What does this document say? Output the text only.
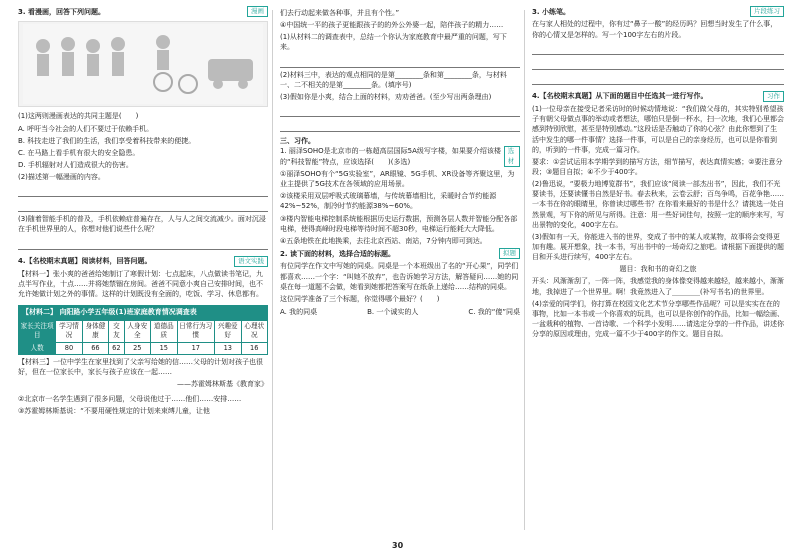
3. 看漫画，回答下列问题。	漫画

(1)这两则漫画表达的共同主题是(　　)

A. 呼吁当今社会的人们不要过于依赖手机。

B. 科技走进了我们的生活，我们享受着科技带来的便捷。

C. 在马路上看手机有很大的安全隐患。

D. 手机辐射对人们造成很大的伤害。

(2)描述第一幅漫画的内容。

(3)随着智能手机的普及，手机依赖症普遍存在，人与人之间交流减少。面对沉浸在手机世界里的人，你想对他们说些什么呢？

4.【名校期末真题】阅读材料，回答问题。	语文实践

【材料一】张小爽的爸爸给她制订了寒假计划：七点起床，八点做读书笔记，九点半写作业，十点……并将她禁锢在房间。爸爸不同意小爽自己安排时间，也不允许她做计划之外的事情。这样的计划既没有全面的，吃饭、学习、休息都有。

【材料二】 向阳路小学五年级(1)班家庭教育情况调查表
家长关注项目	学习情况	身体健康	交友	人身安全	道德品质	日常行为习惯	兴趣爱好	心理状况
人数	80	66	62	25	15	17	13	16

【材料三】一位中学生在家里找到了父亲写给她的信……父母的计划对孩子也很好，但在一位家长中，家长与孩子应该在一起……

——苏霍姆林斯基《教育家》

②北京市一名学生遇到了很多问题，父母说他过于……他们……安排……

③苏霍姆林斯基说：“不要用硬性规定的计划来束缚儿童，让他

们去行动起来做各种事，并且有个性。”

④中国统一平的孩子更能跟孩子的的外公外婆一起，陪伴孩子的精力……

(1)从材料二的调查表中，总结一个你认为家庭教育中最严重的问题，写下来。

(2)材料三中，表达的观点相同的是第________条和第________条，与材料一、二不相关的是第________条。(填序号)

(3)假如你是小爽，结合上面的材料，劝劝爸爸。(至少写出两条理由)

三、习作。
1. 丽泽SOHO是北京市的一栋超高层国际5A级写字楼，如果要介绍该楼的“科技智能”特点，应该选择(　　)(多选)
选材

①丽泽SOHO有个“5G实验室”，AR眼镜、5G手机、XR设备等齐聚这里，为业主提供了5G技术在各领域的应用场景。

②该楼采用双层呼吸式玻璃幕墙，与传统幕墙相比，采暖时合节约能源42%~52%，制冷时节约能源38%~60%。

③楼内智能电梯控制系统能根据历史运行数据，预测各层人数并智能分配各部电梯，使得高峰时段电梯等待时间不超30秒，电梯运行能耗大大降低。

④五条地铁在此地换乘，去往北京西站、南站，7分钟内即可到达。

2. 读下面的材料，选择合适的标题。	拟题

有位同学在作文中写她的同桌。同桌是一个本班级出了名的“开心果”，同学们都喜欢……一个字：“叫她不放弃”，也告诉她学习方法，解答疑问……她的同桌在每一道题不会做，她看到她都把答案写在纸条上递给……结构的同桌。

这位同学准备了三个标题，你觉得哪个最好？(　　)

A. 我的同桌	B. 一个诚实的人	C. 我的“傻”同桌
3. 小练笔。	片段练习

在与家人相处的过程中，你有过“鼻子一酸”的经历吗？回想当时发生了什么事，你的心情又是怎样的。写一个100字左右的片段。

4.【名校期末真题】从下面的题目中任选其一进行写作。	习作

(1)一位母亲在接受记者采访时的时候动情地说：“我们做父母的，其实特别希望孩子有朝父母做点事的举动或者想法，哪怕只是倒一杯水，扫一次地，我们心里都会感到特别欣慰，甚至是特别感动。”这段话是否触动了你的心弦？由此你想到了生活中发生的哪一件事情？选择一件事，可以是自己的亲身经历，也可以是你看到的，听到的一件事，完成一篇习作。

要求：①尝试运用本学期学到的描写方法，细节描写，表达真情实感；②要注意分段；③题目自拟；④不少于400字。

(2)鲁迅说，“要极力地博览群书”，我们应该“阅读一部杰出书”，因此，我们不光要读书，还要读懂书自然是好书。春去秋来，云卷云舒；百鸟争鸣，百花争艳……一本书在你的眼睛里，你曾读过哪些书？在你看来最好的书是什么？请挑选一处自然景观，写下你的所见与所得。注意：用一些好词佳句，按照一定的顺序来写，写出景物的变化，400字左右。

(3)假如有一天，你能进入书的世界，变成了书中的某人或某物，故事将会变得更加有趣。展开想象，找一本书，写出书中的一场奇幻之旅吧。请根据下面提供的题目和开头进行续写，400字左右。

题目：我和书的奇幻之旅

开头：风渐渐刮了，一阵一阵，我感觉我的身体像变得越来越轻，越来越小，渐渐地，我掉进了一个世界里。啊！我竟然进入了________(补写书名)的世界里。

(4)亲爱的同学们，你打算在校园文化艺术节分享哪些作品呢？可以是实实在在的事物，比如一本书或一个你喜欢的玩具，也可以是你创作的作品，比如一幅绘画、一盆栽种的植物、一首诗歌、一个科学小发明……请选定分享的一件作品，讲述你分享的原因或理由，完成一篇不少于400字的作文。题目自拟。

30
